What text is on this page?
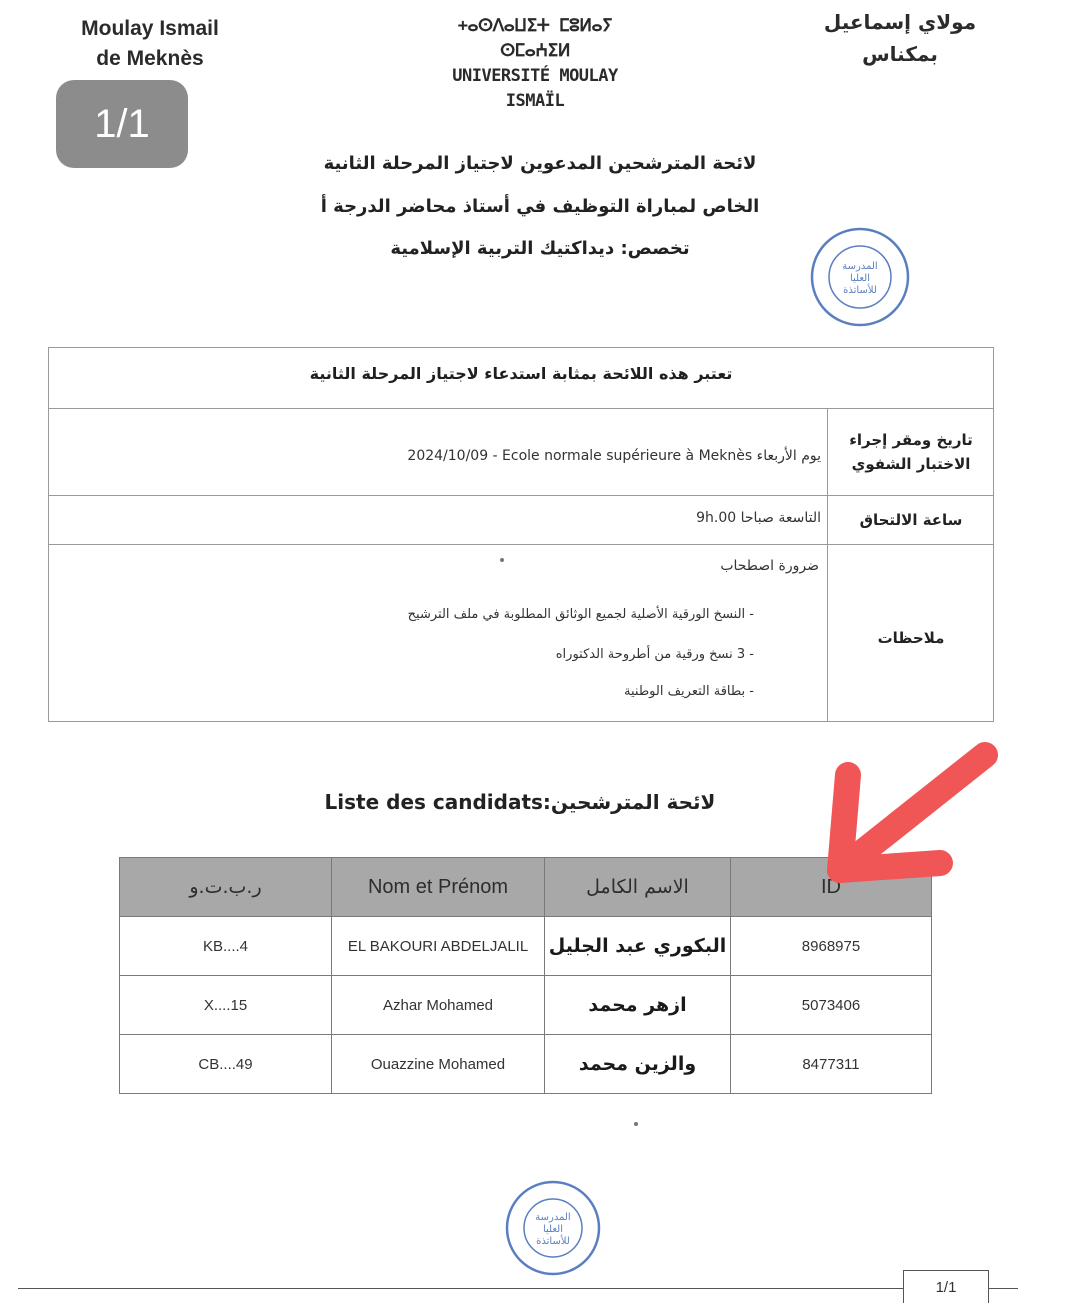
Moulay Ismail
de Meknès
+ⴰⵙⴷⴰⵡⵉⵜ ⵎⵓⵍⴰⵢ ⵙⵎⴰⵄⵉⵍ
UNIVERSITÉ MOULAY ISMAÏL
مولاي إسماعيل
بمكناس
1/1
لائحة المترشحين المدعوين لاجتياز المرحلة الثانية
الخاص لمباراة التوظيف في أستاذ محاضر الدرجة أ
تخصص: ديداكتيك التربية الإسلامية
المدرسة
العليا
للأساتذة
تعتبر هذه اللائحة بمثابة استدعاء لاجتياز المرحلة الثانية
تاريخ ومقر إجراء الاختبار الشفوي
يوم الأربعاء 2024/10/09 - Ecole normale supérieure à Meknès
ساعة الالتحاق
التاسعة صباحا 9h.00
ملاحظات
ضرورة اصطحاب
- النسخ الورقية الأصلية لجميع الوثائق المطلوبة في ملف الترشيح
- 3 نسخ ورقية من أطروحة الدكتوراه
- بطاقة التعريف الوطنية
Liste des candidats:لائحة المترشحين
ر.ب.ت.و	Nom et Prénom	الاسم الكامل	ID
KB....4	EL BAKOURI ABDELJALIL	البكوري عبد الجليل	8968975
X....15	Azhar Mohamed	ازهر محمد	5073406
CB....49	Ouazzine Mohamed	والزين محمد	8477311
المدرسة
العليا
للأساتذة
1/1
